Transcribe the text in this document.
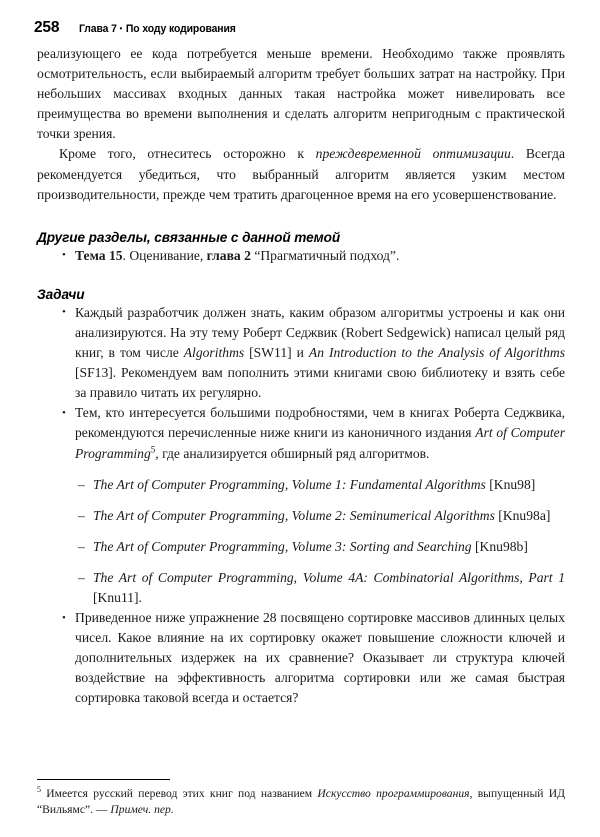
258 Глава 7 • По ходу кодирования

реализующего ее кода потребуется меньше времени. Необходимо также проявлять осмотрительность, если выбираемый алгоритм требует больших затрат на настройку. При небольших массивах входных данных такая настройка может нивелировать все преимущества во времени выполнения и сделать алгоритм непригодным с практической точки зрения.

Кроме того, отнеситесь осторожно к преждевременной оптимизации. Всегда рекомендуется убедиться, что выбранный алгоритм является узким местом производительности, прежде чем тратить драгоценное время на его усовершенствование.

Другие разделы, связанные с данной темой
• Тема 15. Оценивание, глава 2 “Прагматичный подход”.
Задачи
• Каждый разработчик должен знать, каким образом алгоритмы устроены и как они анализируются. На эту тему Роберт Седжвик (Robert Sedgewick) написал целый ряд книг, в том числе Algorithms [SW11] и An Introduction to the Analysis of Algorithms [SF13]. Рекомендуем вам пополнить этими книгами свою библиотеку и взять себе за правило читать их регулярно.
• Тем, кто интересуется большими подробностями, чем в книгах Роберта Седжвика, рекомендуются перечисленные ниже книги из каноничного издания Art of Computer Programming$^5$, где анализируется обширный ряд алгоритмов.
– The Art of Computer Programming, Volume 1: Fundamental Algorithms [Knu98]
– The Art of Computer Programming, Volume 2: Seminumerical Algorithms [Knu98a]
– The Art of Computer Programming, Volume 3: Sorting and Searching [Knu98b]
– The Art of Computer Programming, Volume 4A: Combinatorial Algorithms, Part 1 [Knu11].
• Приведенное ниже упражнение 28 посвящено сортировке массивов длинных целых чисел. Какое влияние на их сортировку окажет повышение сложности ключей и дополнительных издержек на их сравнение? Оказывает ли структура ключей воздействие на эффективность алгоритма сортировки или же самая быстрая сортировка таковой всегда и остается?

$^5$ Имеется русский перевод этих книг под названием Искусство программирования, выпущенный ИД “Вильямс”. — Примеч. пер.
